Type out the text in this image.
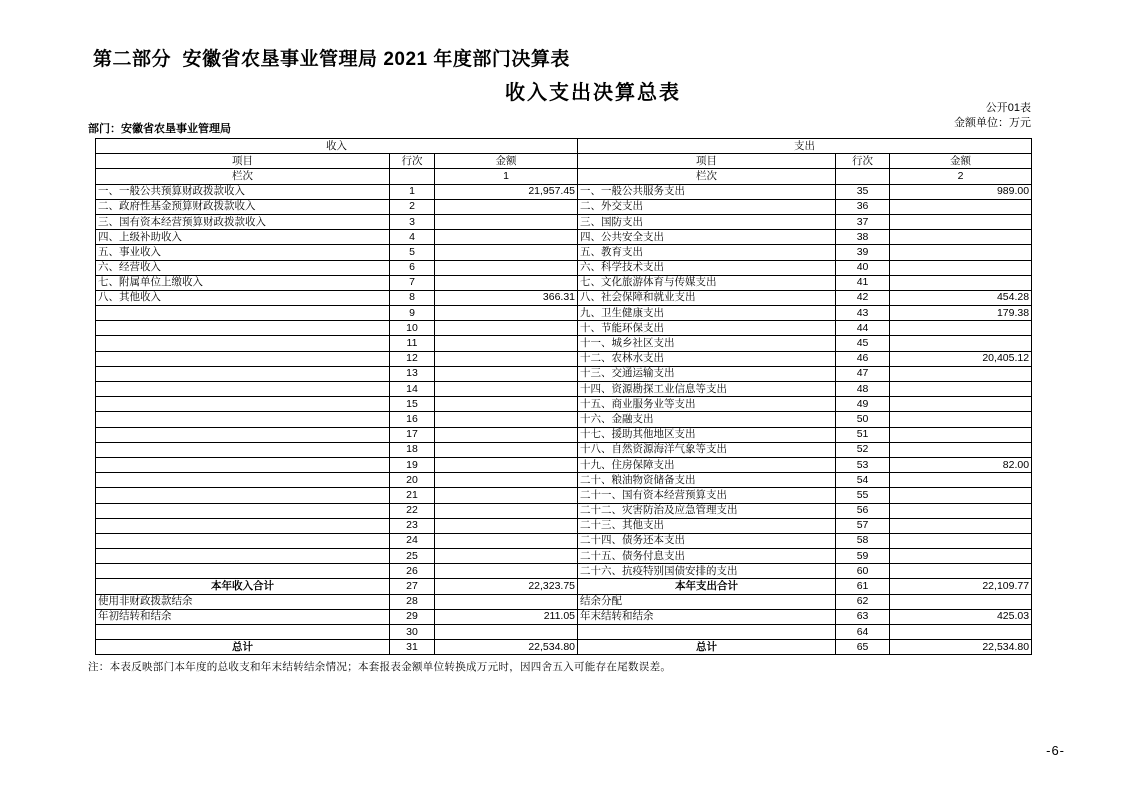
第二部分  安徽省农垦事业管理局 2021 年度部门决算表
收入支出决算总表
公开01表
金额单位：万元
部门：安徽省农垦事业管理局
收入			支出		
项目	行次	金额	项目	行次	金额
栏次		1	栏次		2
一、一般公共预算财政拨款收入	1	21,957.45	一、一般公共服务支出	35	989.00
二、政府性基金预算财政拨款收入	2		二、外交支出	36	
三、国有资本经营预算财政拨款收入	3		三、国防支出	37	
四、上级补助收入	4		四、公共安全支出	38	
五、事业收入	5		五、教育支出	39	
六、经营收入	6		六、科学技术支出	40	
七、附属单位上缴收入	7		七、文化旅游体育与传媒支出	41	
八、其他收入	8	366.31	八、社会保障和就业支出	42	454.28
	9		九、卫生健康支出	43	179.38
	10		十、节能环保支出	44	
	11		十一、城乡社区支出	45	
	12		十二、农林水支出	46	20,405.12
	13		十三、交通运输支出	47	
	14		十四、资源勘探工业信息等支出	48	
	15		十五、商业服务业等支出	49	
	16		十六、金融支出	50	
	17		十七、援助其他地区支出	51	
	18		十八、自然资源海洋气象等支出	52	
	19		十九、住房保障支出	53	82.00
	20		二十、粮油物资储备支出	54	
	21		二十一、国有资本经营预算支出	55	
	22		二十二、灾害防治及应急管理支出	56	
	23		二十三、其他支出	57	
	24		二十四、债务还本支出	58	
	25		二十五、债务付息支出	59	
	26		二十六、抗疫特别国债安排的支出	60	
本年收入合计	27	22,323.75	本年支出合计	61	22,109.77
使用非财政拨款结余	28		结余分配	62	
年初结转和结余	29	211.05	年末结转和结余	63	425.03
	30			64	
总计	31	22,534.80	总计	65	22,534.80
注：本表反映部门本年度的总收支和年末结转结余情况；本套报表金额单位转换成万元时，因四舍五入可能存在尾数误差。
-6-
